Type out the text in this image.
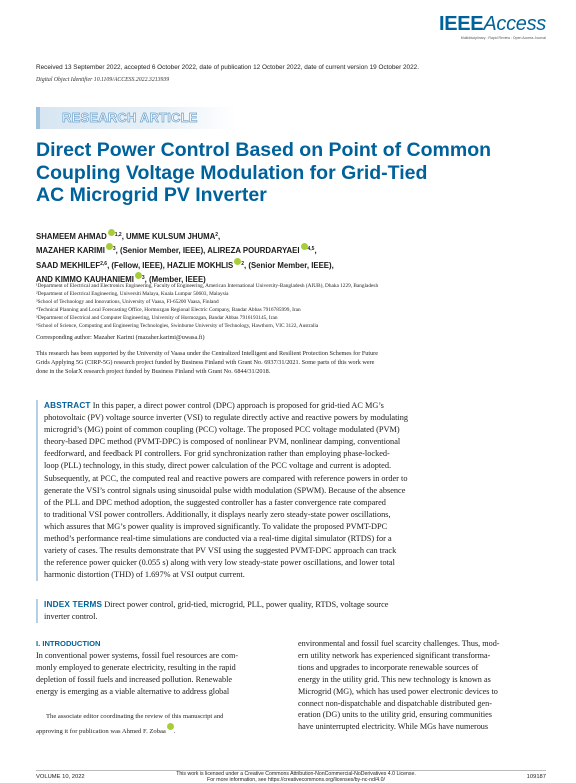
IEEEAccess
Multidisciplinary : Rapid Review : Open Access Journal
Received 13 September 2022, accepted 6 October 2022, date of publication 12 October 2022, date of current version 19 October 2022.
Digital Object Identifier 10.1109/ACCESS.2022.3213939
RESEARCH ARTICLE
Direct Power Control Based on Point of Common
Coupling Voltage Modulation for Grid-Tied
AC Microgrid PV Inverter
SHAMEEM AHMAD $^{1,2}$, UMME KULSUM JHUMA$^2$,
MAZAHER KARIMI $^3$, (Senior Member, IEEE), ALIREZA POURDARYAEI $^{4,5}$,
SAAD MEKHILEF$^{2,6}$, (Fellow, IEEE), HAZLIE MOKHLIS $^2$, (Senior Member, IEEE),
AND KIMMO KAUHANIEMI $^3$, (Member, IEEE)
¹Department of Electrical and Electronics Engineering, Faculty of Engineering, American International University-Bangladesh (AIUB), Dhaka 1229, Bangladesh
²Department of Electrical Engineering, Universiti Malaya, Kuala Lumpur 50603, Malaysia
³School of Technology and Innovations, University of Vaasa, FI-65200 Vaasa, Finland
⁴Technical Planning and Local Forecasting Office, Hormozgan Regional Electric Company, Bandar Abbas 7916785999, Iran
⁵Department of Electrical and Computer Engineering, University of Hormozgan, Bandar Abbas 7916193145, Iran
⁶School of Science, Computing and Engineering Technologies, Swinburne University of Technology, Hawthorn, VIC 3122, Australia
Corresponding author: Mazaher Karimi (mazaher.karimi@uwasa.fi)
This research has been supported by the University of Vaasa under the Centralized Intelligent and Resilient Protection Schemes for Future
Grids Applying 5G (CIRP-5G) research project funded by Business Finland with Grant No. 6937/31/2021. Some parts of this work were
done in the SolarX research project funded by Business Finland with Grant No. 6844/31/2018.
ABSTRACT In this paper, a direct power control (DPC) approach is proposed for grid-tied AC MG’s
photovoltaic (PV) voltage source inverter (VSI) to regulate directly active and reactive powers by modulating
microgrid’s (MG) point of common coupling (PCC) voltage. The proposed PCC voltage modulated (PVM)
theory-based DPC method (PVMT-DPC) is composed of nonlinear PVM, nonlinear damping, conventional
feedforward, and feedback PI controllers. For grid synchronization rather than employing phase-locked-
loop (PLL) technology, in this study, direct power calculation of the PCC voltage and current is adopted.
Subsequently, at PCC, the computed real and reactive powers are compared with reference powers in order to
generate the VSI’s control signals using sinusoidal pulse width modulation (SPWM). Because of the absence
of the PLL and DPC method adoption, the suggested controller has a faster convergence rate compared
to traditional VSI power controllers. Additionally, it displays nearly zero steady-state power oscillations,
which assures that MG’s power quality is improved significantly. To validate the proposed PVMT-DPC
method’s performance real-time simulations are conducted via a real-time digital simulator (RTDS) for a
variety of cases. The results demonstrate that PV VSI using the suggested PVMT-DPC approach can track
the reference power quicker (0.055 s) along with very low steady-state power oscillations, and lower total
harmonic distortion (THD) of 1.697% at VSI output current.
INDEX TERMS Direct power control, grid-tied, microgrid, PLL, power quality, RTDS, voltage source
inverter control.
I. INTRODUCTION
In conventional power systems, fossil fuel resources are com-
monly employed to generate electricity, resulting in the rapid
depletion of fossil fuels and increased pollution. Renewable
energy is emerging as a viable alternative to address global
environmental and fossil fuel scarcity challenges. Thus, mod-
ern utility network has experienced significant transforma-
tions and upgrades to incorporate renewable sources of
energy in the utility grid. This new technology is known as
Microgrid (MG), which has used power electronic devices to
connect non-dispatchable and dispatchable distributed gen-
eration (DG) units to the utility grid, ensuring communities
have uninterrupted electricity. While MGs have numerous
The associate editor coordinating the review of this manuscript and
approving it for publication was Ahmed F. Zobaa .
VOLUME 10, 2022	This work is licensed under a Creative Commons Attribution-NonCommercial-NoDerivatives 4.0 License.
For more information, see https://creativecommons.org/licenses/by-nc-nd/4.0/
109187
